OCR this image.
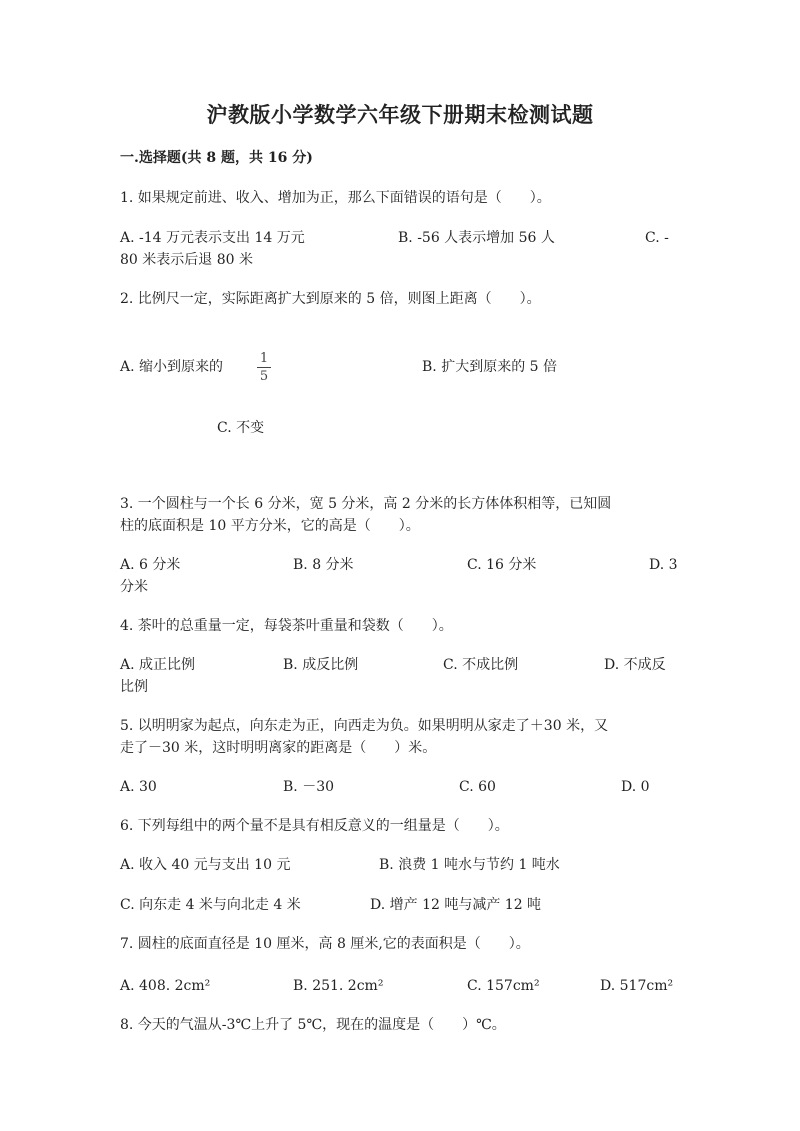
沪教版小学数学六年级下册期末检测试题
一.选择题(共 8 题，共 16 分)
1. 如果规定前进、收入、增加为正，那么下面错误的语句是（　　）。
A. -14 万元表示支出 14 万元	B. -56 人表示增加 56 人	C. -
80 米表示后退 80 米
2. 比例尺一定，实际距离扩大到原来的 5 倍，则图上距离（　　）。
A. 缩小到原来的
1
5
B. 扩大到原来的 5 倍
C. 不变
3. 一个圆柱与一个长 6 分米，宽 5 分米，高 2 分米的长方体体积相等，已知圆
柱的底面积是 10 平方分米，它的高是（　　）。
A. 6 分米	B. 8 分米	C. 16 分米	D. 3
分米
4. 茶叶的总重量一定，每袋茶叶重量和袋数（　　）。
A. 成正比例	B. 成反比例	C. 不成比例	D. 不成反
比例
5. 以明明家为起点，向东走为正，向西走为负。如果明明从家走了＋30 米，又
走了－30 米，这时明明离家的距离是（　　）米。
A. 30	B. －30	C. 60	D. 0
6. 下列每组中的两个量不是具有相反意义的一组量是（　　）。
A. 收入 40 元与支出 10 元	B. 浪费 1 吨水与节约 1 吨水
C. 向东走 4 米与向北走 4 米	D. 增产 12 吨与减产 12 吨
7. 圆柱的底面直径是 10 厘米，高 8 厘米,它的表面积是（　　）。
A. 408. 2cm²	B. 251. 2cm²	C. 157cm²	D. 517cm²
8. 今天的气温从-3℃上升了 5℃，现在的温度是（　　）℃。
